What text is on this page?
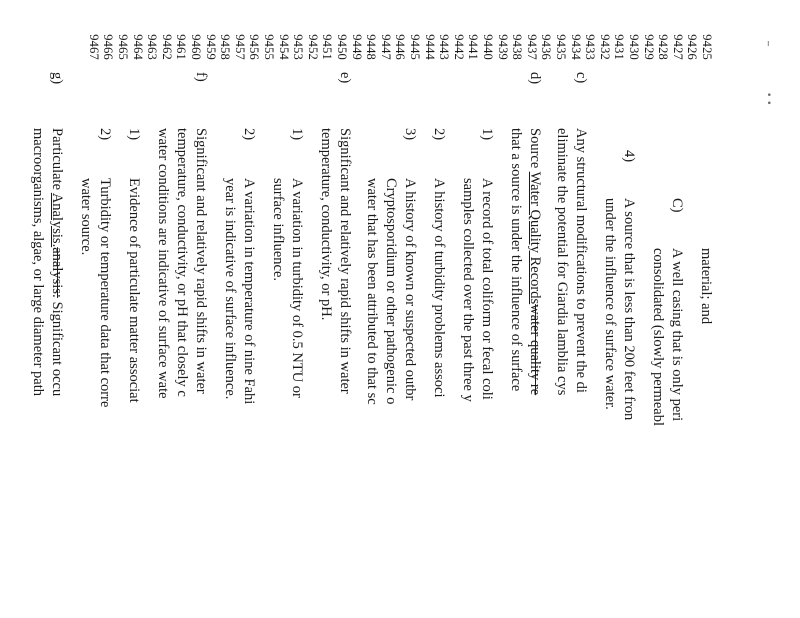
ı
• •
9425
9426
9427
9428
9429
9430
9431
9432
9433
9434
9435
9436
9437
9438
9439
9440
9441
9442
9443
9444
9445
9446
9447
9448
9449
9450
9451
9452
9453
9454
9455
9456
9457
9458
9459
9460
9461
9462
9463
9464
9465
9466
9467
material; and
C)
A well casing that is only peri
consolidated (slowly permeabl
4)
A source that is less than 200 feet fron
under the influence of surface water.
c)
Any structural modifications to prevent the di
eliminate the potential for Giardia lamblia cys
d)
Source Water Quality Recordswater quality re
that a source is under the influence of surface
1)
A record of total coliform or fecal coli
samples collected over the past three y
2)
A history of turbidity problems associ
3)
A history of known or suspected outbr
Cryptosporidium or other pathogenic o
water that has been attributed to that sc
e)
Significant and relatively rapid shifts in water
temperature, conductivity, or pH.
1)
A variation in turbidity of 0.5 NTU or
surface influence.
2)
A variation in temperature of nine Fahi
year is indicative of surface influence.
f)
Significant and relatively rapid shifts in water
temperature, conductivity, or pH that closely c
water conditions are indicative of surface wate
1)
Evidence of particulate matter associat
2)
Turbidity or temperature data that corre
water source.
g)
Particulate Analysis.analysis: Significant occu
macroorganisms, algae, or large diameter path
